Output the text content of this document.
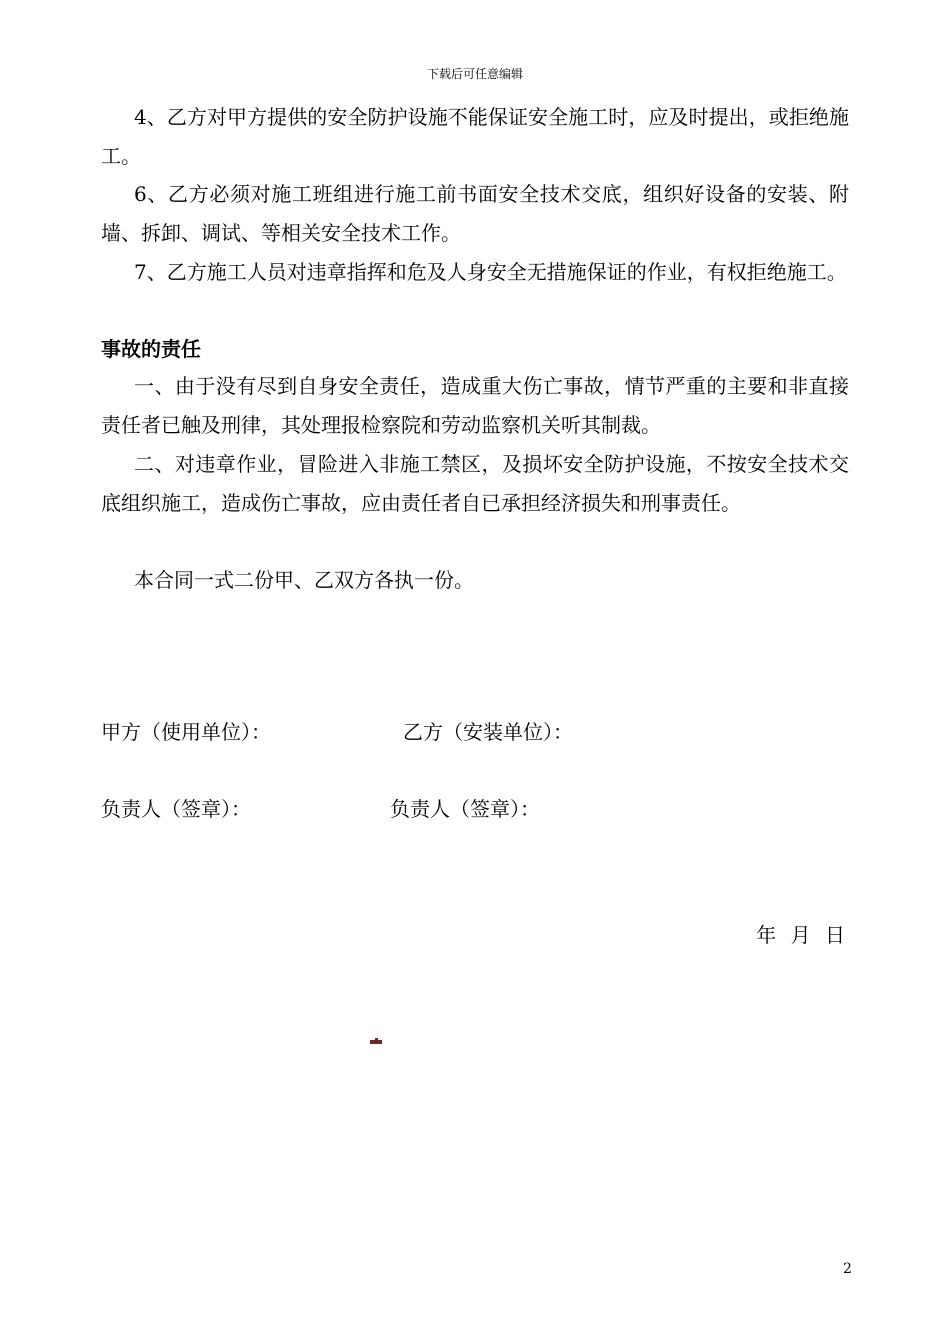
下载后可任意编辑

4、乙方对甲方提供的安全防护设施不能保证安全施工时，应及时提出，或拒绝施工。

6、乙方必须对施工班组进行施工前书面安全技术交底，组织好设备的安装、附墙、拆卸、调试、等相关安全技术工作。

7、乙方施工人员对违章指挥和危及人身安全无措施保证的作业，有权拒绝施工。

事故的责任

一、由于没有尽到自身安全责任，造成重大伤亡事故，情节严重的主要和非直接责任者已触及刑律，其处理报检察院和劳动监察机关听其制裁。

二、对违章作业，冒险进入非施工禁区，及损坏安全防护设施，不按安全技术交底组织施工，造成伤亡事故，应由责任者自已承担经济损失和刑事责任。

本合同一式二份甲、乙双方各执一份。

甲方（使用单位）：	乙方（安装单位）：
负责人（签章）：	负责人（签章）：
年 月 日
2
